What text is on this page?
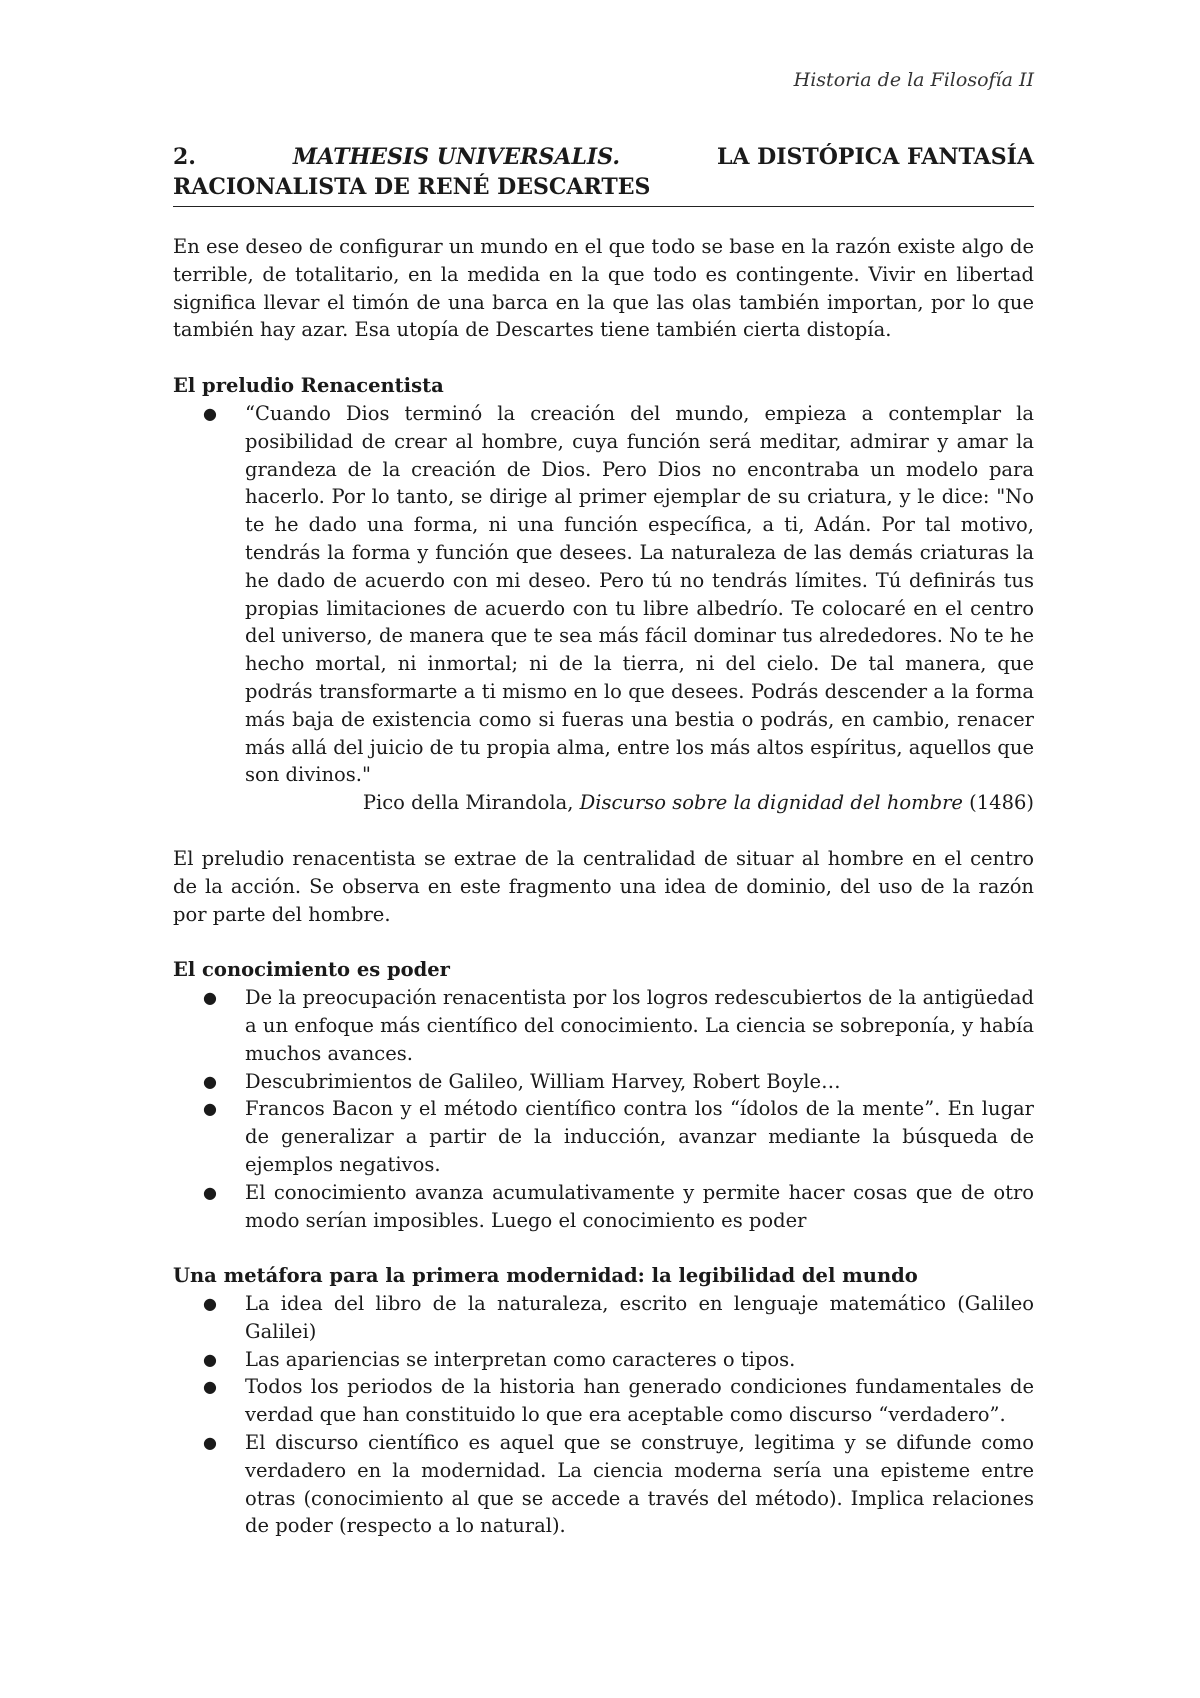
Historia de la Filosofía II
2.	MATHESIS UNIVERSALIS.	LA DISTÓPICA FANTASÍA
RACIONALISTA DE RENÉ DESCARTES

En ese deseo de configurar un mundo en el que todo se base en la razón existe algo de terrible, de totalitario, en la medida en la que todo es contingente. Vivir en libertad significa llevar el timón de una barca en la que las olas también importan, por lo que también hay azar. Esa utopía de Descartes tiene también cierta distopía.

El preludio Renacentista
● “Cuando Dios terminó la creación del mundo, empieza a contemplar la posibilidad de crear al hombre, cuya función será meditar, admirar y amar la grandeza de la creación de Dios. Pero Dios no encontraba un modelo para hacerlo. Por lo tanto, se dirige al primer ejemplar de su criatura, y le dice: "No te he dado una forma, ni una función específica, a ti, Adán. Por tal motivo, tendrás la forma y función que desees. La naturaleza de las demás criaturas la he dado de acuerdo con mi deseo. Pero tú no tendrás límites. Tú definirás tus propias limitaciones de acuerdo con tu libre albedrío. Te colocaré en el centro del universo, de manera que te sea más fácil dominar tus alrededores. No te he hecho mortal, ni inmortal; ni de la tierra, ni del cielo. De tal manera, que podrás transformarte a ti mismo en lo que desees. Podrás descender a la forma más baja de existencia como si fueras una bestia o podrás, en cambio, renacer más allá del juicio de tu propia alma, entre los más altos espíritus, aquellos que son divinos."

Pico della Mirandola, Discurso sobre la dignidad del hombre (1486)

El preludio renacentista se extrae de la centralidad de situar al hombre en el centro de la acción. Se observa en este fragmento una idea de dominio, del uso de la razón por parte del hombre.

El conocimiento es poder
● De la preocupación renacentista por los logros redescubiertos de la antigüedad a un enfoque más científico del conocimiento. La ciencia se sobreponía, y había muchos avances.
● Descubrimientos de Galileo, William Harvey, Robert Boyle…
● Francos Bacon y el método científico contra los “ídolos de la mente”. En lugar de generalizar a partir de la inducción, avanzar mediante la búsqueda de ejemplos negativos.
● El conocimiento avanza acumulativamente y permite hacer cosas que de otro modo serían imposibles. Luego el conocimiento es poder
Una metáfora para la primera modernidad: la legibilidad del mundo
● La idea del libro de la naturaleza, escrito en lenguaje matemático (Galileo Galilei)
● Las apariencias se interpretan como caracteres o tipos.
● Todos los periodos de la historia han generado condiciones fundamentales de verdad que han constituido lo que era aceptable como discurso “verdadero”.
● El discurso científico es aquel que se construye, legitima y se difunde como verdadero en la modernidad. La ciencia moderna sería una episteme entre otras (conocimiento al que se accede a través del método). Implica relaciones de poder (respecto a lo natural).
